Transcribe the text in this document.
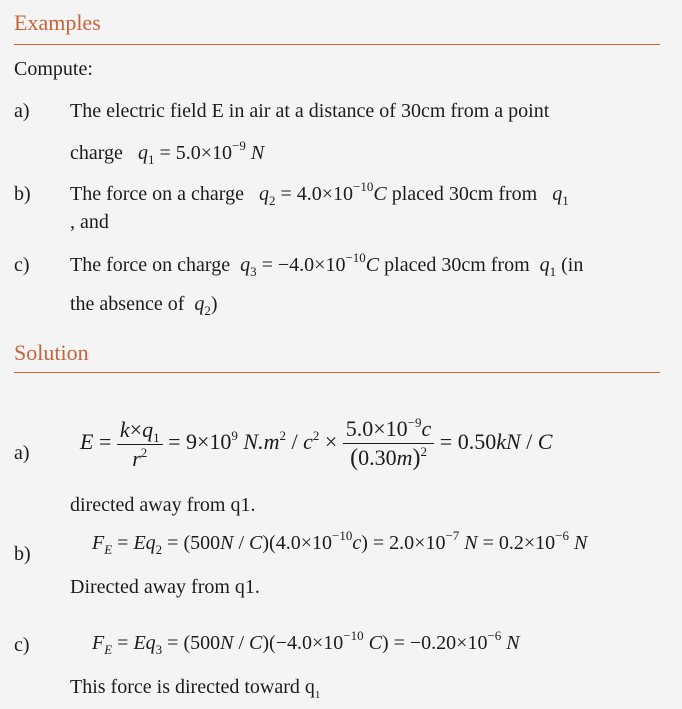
Examples
Compute:
a) The electric field E in air at a distance of 30cm from a point
charge $q_1 = 5.0\times 10^{-9}$ N
b) The force on a charge $q_2 = 4.0\times 10^{-10}C$ placed 30cm from $q_1$
, and
c) The force on charge $q_3 = -4.0\times 10^{-10}C$ placed 30cm from $q_1$ (in
the absence of $q_2$)
Solution
a) $E = \frac{k\times q_1}{r^2} = 9\times 10^9$ $N.m^2 / c^2 \times \frac{5.0\times 10^{-9}c}{(0.30m)^2} = 0.50kN / C$
directed away from q1.
b)	$F_E = Eq_2 = (500N / C)(4.0\times 10^{-10}c) = 2.0\times 10^{-7}$ $N = 0.2\times 10^{-6}$ N
Directed away from q1.
c)	$F_E = Eq_3 = (500N / C)(-4.0\times 10^{-10}$ $C) = -0.20\times 10^{-6}$ N
This force is directed toward $q_1$
